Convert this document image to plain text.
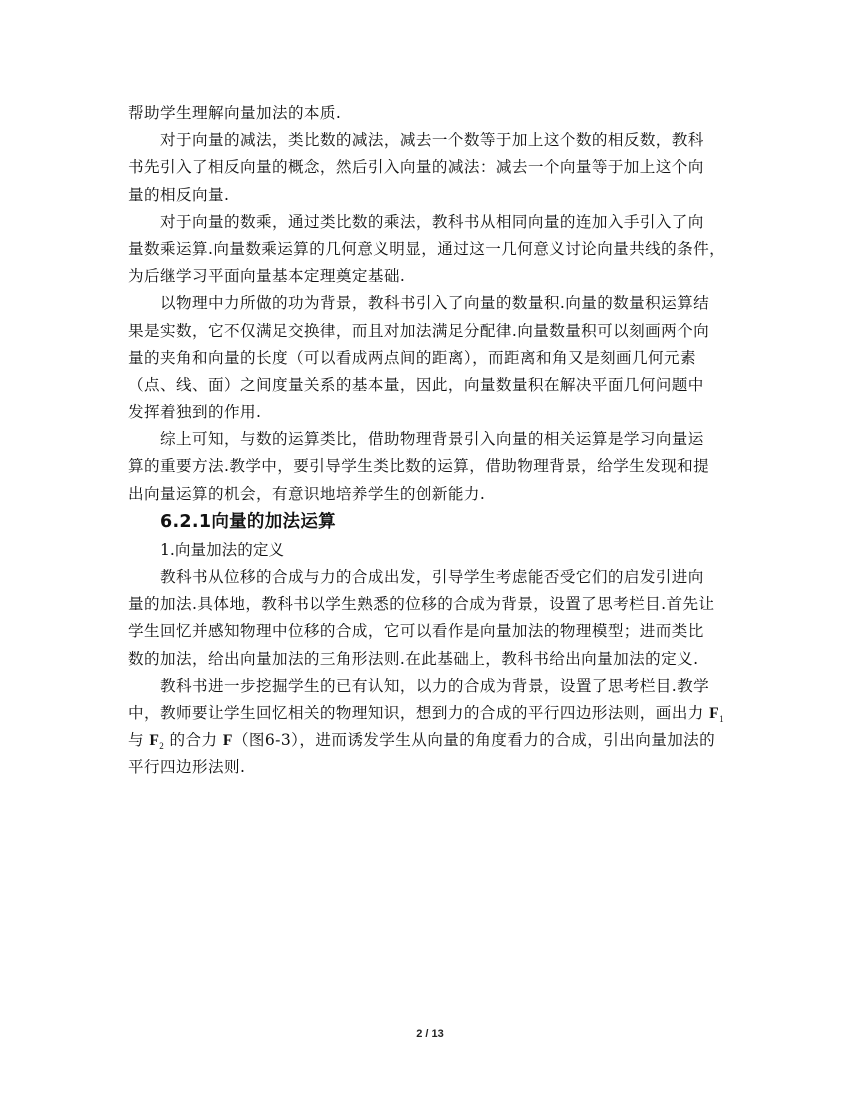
帮助学生理解向量加法的本质.
对于向量的减法，类比数的减法，减去一个数等于加上这个数的相反数，教科
书先引入了相反向量的概念，然后引入向量的减法：减去一个向量等于加上这个向
量的相反向量.
对于向量的数乘，通过类比数的乘法，教科书从相同向量的连加入手引入了向
量数乘运算.向量数乘运算的几何意义明显，通过这一几何意义讨论向量共线的条件，
为后继学习平面向量基本定理奠定基础.
以物理中力所做的功为背景，教科书引入了向量的数量积.向量的数量积运算结
果是实数，它不仅满足交换律，而且对加法满足分配律.向量数量积可以刻画两个向
量的夹角和向量的长度（可以看成两点间的距离），而距离和角又是刻画几何元素
（点、线、面）之间度量关系的基本量，因此，向量数量积在解决平面几何问题中
发挥着独到的作用.
综上可知，与数的运算类比，借助物理背景引入向量的相关运算是学习向量运
算的重要方法.教学中，要引导学生类比数的运算，借助物理背景，给学生发现和提
出向量运算的机会，有意识地培养学生的创新能力.
6.2.1向量的加法运算
1.向量加法的定义
教科书从位移的合成与力的合成出发，引导学生考虑能否受它们的启发引进向
量的加法.具体地，教科书以学生熟悉的位移的合成为背景，设置了思考栏目.首先让
学生回忆并感知物理中位移的合成，它可以看作是向量加法的物理模型；进而类比
数的加法，给出向量加法的三角形法则.在此基础上，教科书给出向量加法的定义.
教科书进一步挖掘学生的已有认知，以力的合成为背景，设置了思考栏目.教学
中，教师要让学生回忆相关的物理知识，想到力的合成的平行四边形法则，画出力 $F_1$
与 $F_2$ 的合力 F（图6-3），进而诱发学生从向量的角度看力的合成，引出向量加法的
平行四边形法则.
2 / 13
